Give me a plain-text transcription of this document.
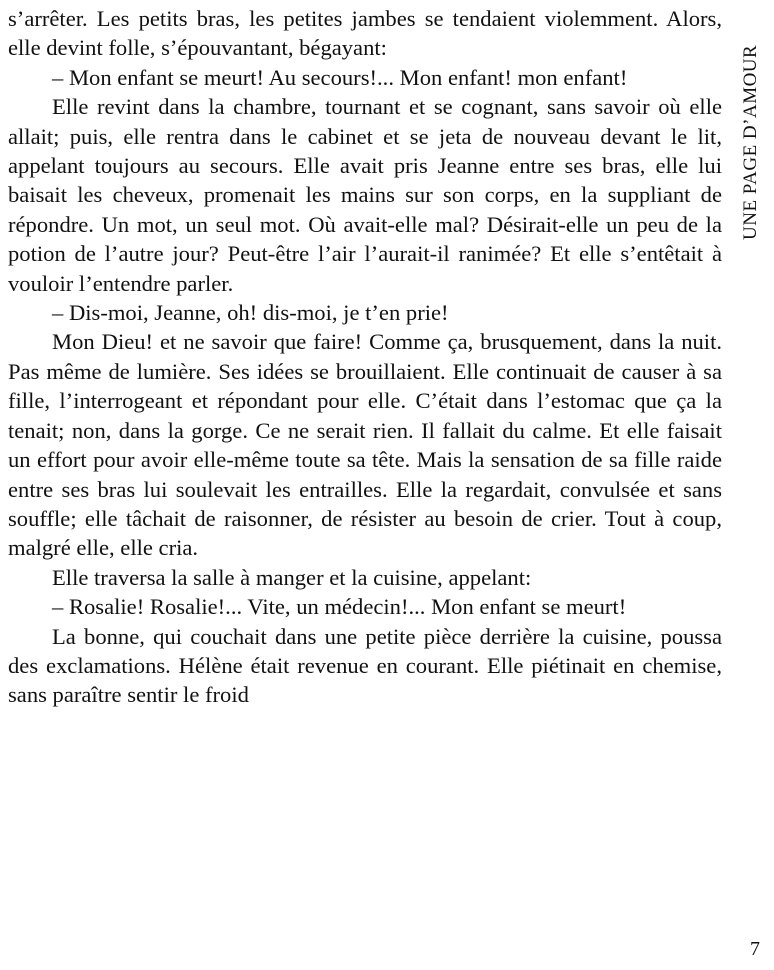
s’arrêter. Les petits bras, les petites jambes se tendaient violemment. Alors, elle devint folle, s’épouvantant, bégayant:

– Mon enfant se meurt! Au secours!... Mon enfant! mon enfant!

Elle revint dans la chambre, tournant et se cognant, sans savoir où elle allait; puis, elle rentra dans le cabinet et se jeta de nouveau devant le lit, appelant toujours au secours. Elle avait pris Jeanne entre ses bras, elle lui baisait les cheveux, promenait les mains sur son corps, en la suppliant de répondre. Un mot, un seul mot. Où avait-elle mal? Désirait-elle un peu de la potion de l’autre jour? Peut-être l’air l’aurait-il ranimée? Et elle s’entêtait à vouloir l’entendre parler.

– Dis-moi, Jeanne, oh! dis-moi, je t’en prie!

Mon Dieu! et ne savoir que faire! Comme ça, brusquement, dans la nuit. Pas même de lumière. Ses idées se brouillaient. Elle continuait de causer à sa fille, l’interrogeant et répondant pour elle. C’était dans l’estomac que ça la tenait; non, dans la gorge. Ce ne serait rien. Il fallait du calme. Et elle faisait un effort pour avoir elle-même toute sa tête. Mais la sensation de sa fille raide entre ses bras lui soulevait les entrailles. Elle la regardait, convulsée et sans souffle; elle tâchait de raisonner, de résister au besoin de crier. Tout à coup, malgré elle, elle cria.

Elle traversa la salle à manger et la cuisine, appelant:

– Rosalie! Rosalie!... Vite, un médecin!... Mon enfant se meurt!

La bonne, qui couchait dans une petite pièce derrière la cuisine, poussa des exclamations. Hélène était revenue en courant. Elle piétinait en chemise, sans paraître sentir le froid

UNE PAGE D’AMOUR
7
